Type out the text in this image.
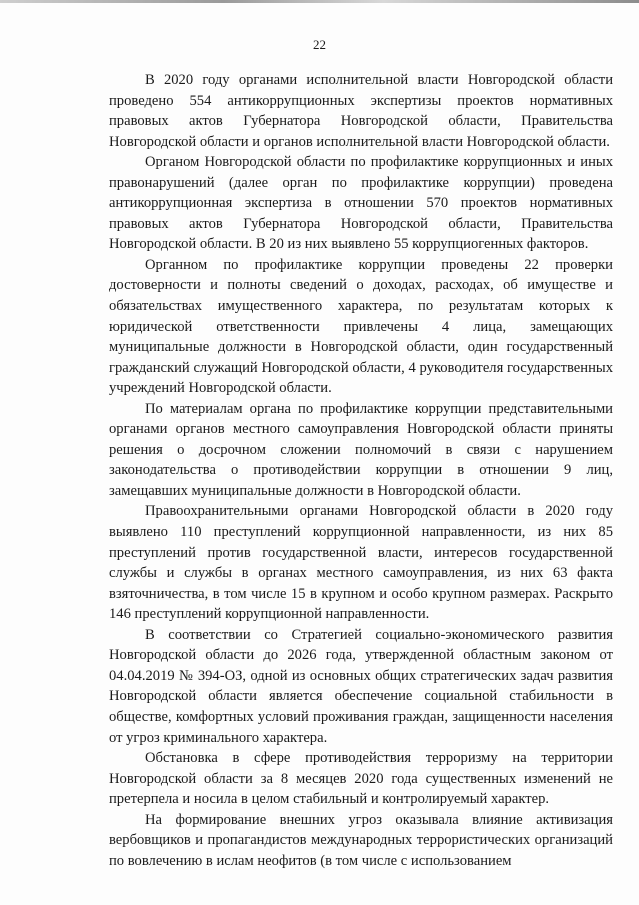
22

В 2020 году органами исполнительной власти Новгородской области проведено 554 антикоррупционных экспертизы проектов нормативных правовых актов Губернатора Новгородской области, Правительства Новгородской области и органов исполнительной власти Новгородской области.

Органом Новгородской области по профилактике коррупционных и иных правонарушений (далее орган по профилактике коррупции) проведена антикоррупционная экспертиза в отношении 570 проектов нормативных правовых актов Губернатора Новгородской области, Правительства Новгородской области. В 20 из них выявлено 55 коррупциогенных факторов.

Органном по профилактике коррупции проведены 22 проверки достоверности и полноты сведений о доходах, расходах, об имуществе и обязательствах имущественного характера, по результатам которых к юридической ответственности привлечены 4 лица, замещающих муниципальные должности в Новгородской области, один государственный гражданский служащий Новгородской области, 4 руководителя государственных учреждений Новгородской области.

По материалам органа по профилактике коррупции представительными органами органов местного самоуправления Новгородской области приняты решения о досрочном сложении полномочий в связи с нарушением законодательства о противодействии коррупции в отношении 9 лиц, замещавших муниципальные должности в Новгородской области.

Правоохранительными органами Новгородской области в 2020 году выявлено 110 преступлений коррупционной направленности, из них 85 преступлений против государственной власти, интересов государственной службы и службы в органах местного самоуправления, из них 63 факта взяточничества, в том числе 15 в крупном и особо крупном размерах. Раскрыто 146 преступлений коррупционной направленности.

В соответствии со Стратегией социально-экономического развития Новгородской области до 2026 года, утвержденной областным законом от 04.04.2019 № 394-ОЗ, одной из основных общих стратегических задач развития Новгородской области является обеспечение социальной стабильности в обществе, комфортных условий проживания граждан, защищенности населения от угроз криминального характера.

Обстановка в сфере противодействия терроризму на территории Новгородской области за 8 месяцев 2020 года существенных изменений не претерпела и носила в целом стабильный и контролируемый характер.

На формирование внешних угроз оказывала влияние активизация вербовщиков и пропагандистов международных террористических организаций по вовлечению в ислам неофитов (в том числе с использованием
